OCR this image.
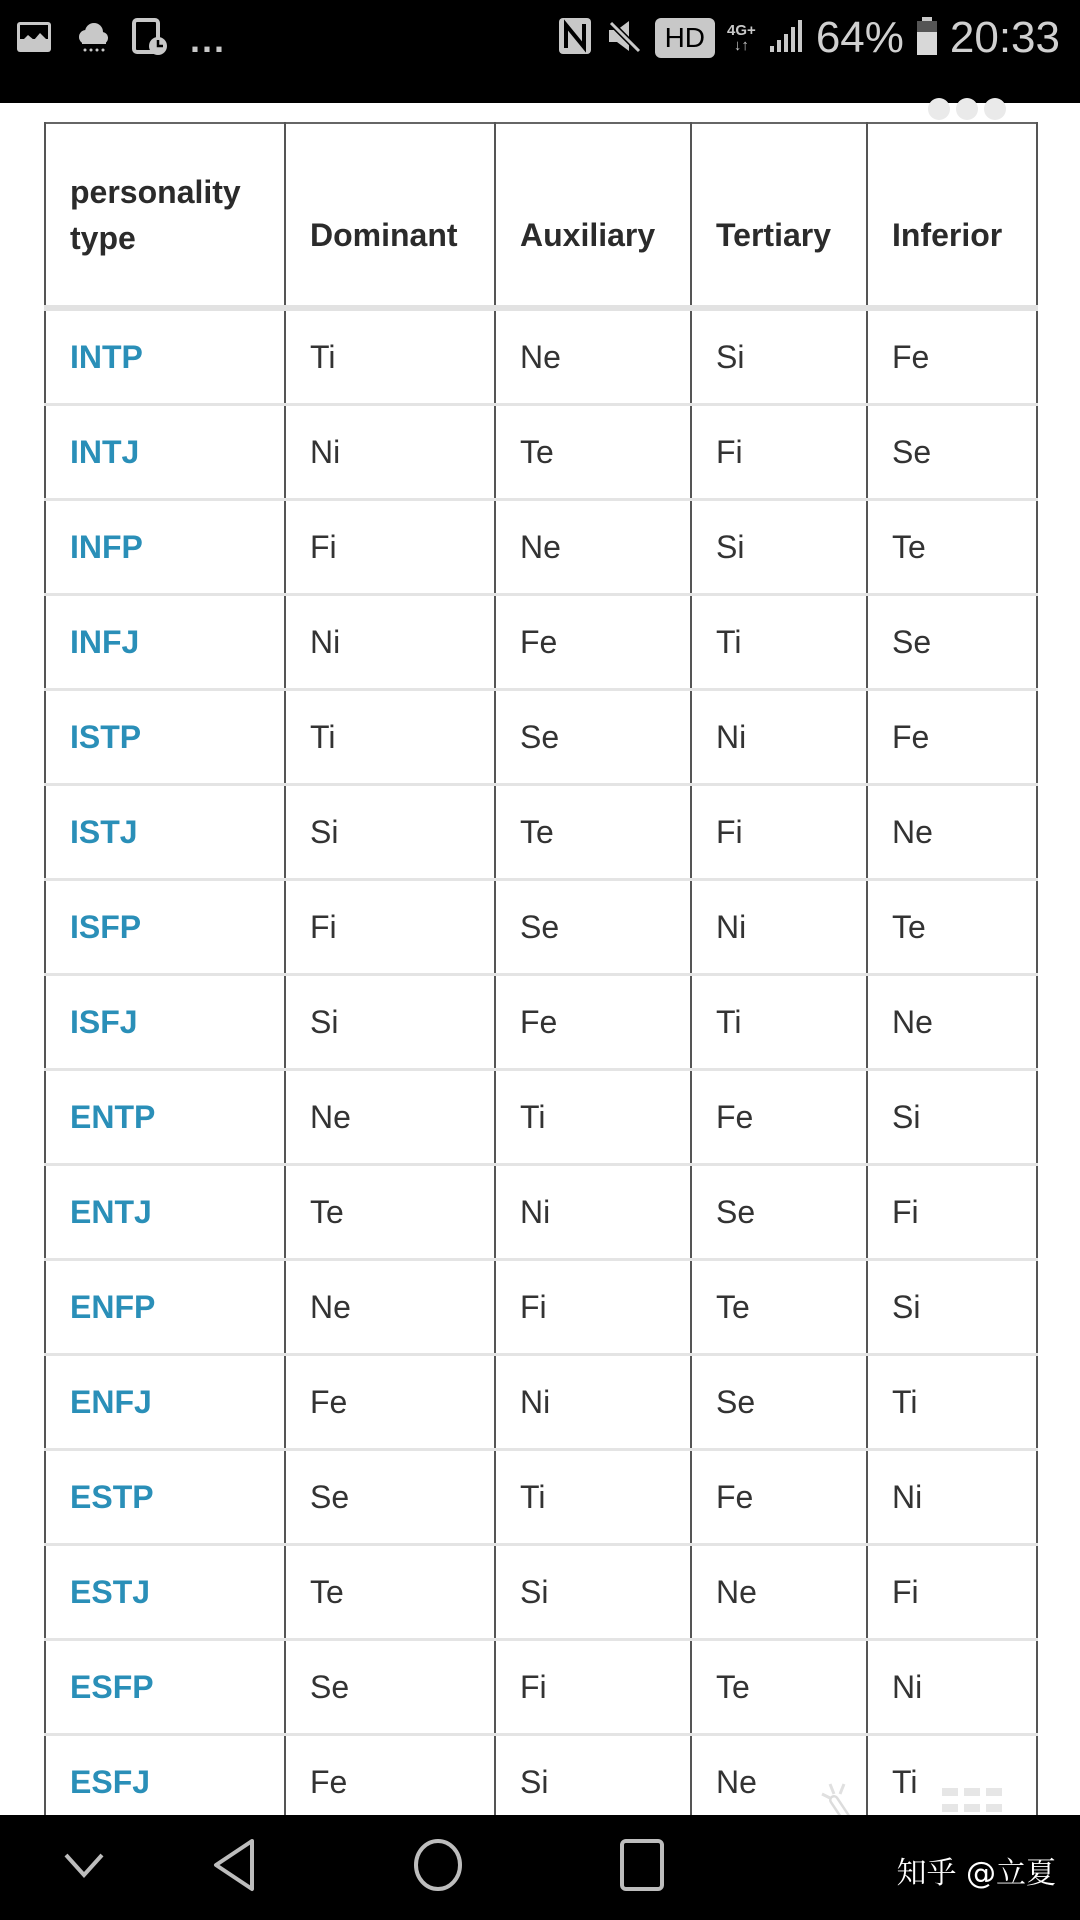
...	HD	4G+
↓↑ 64% 20:33
personality
type	Dominant	Auxiliary	Tertiary	Inferior
INTP	Ti	Ne	Si	Fe
INTJ	Ni	Te	Fi	Se
INFP	Fi	Ne	Si	Te
INFJ	Ni	Fe	Ti	Se
ISTP	Ti	Se	Ni	Fe
ISTJ	Si	Te	Fi	Ne
ISFP	Fi	Se	Ni	Te
ISFJ	Si	Fe	Ti	Ne
ENTP	Ne	Ti	Fe	Si
ENTJ	Te	Ni	Se	Fi
ENFP	Ne	Fi	Te	Si
ENFJ	Fe	Ni	Se	Ti
ESTP	Se	Ti	Fe	Ni
ESTJ	Te	Si	Ne	Fi
ESFP	Se	Fi	Te	Ni
ESFJ	Fe	Si	Ne	Ti
知乎 @立夏
